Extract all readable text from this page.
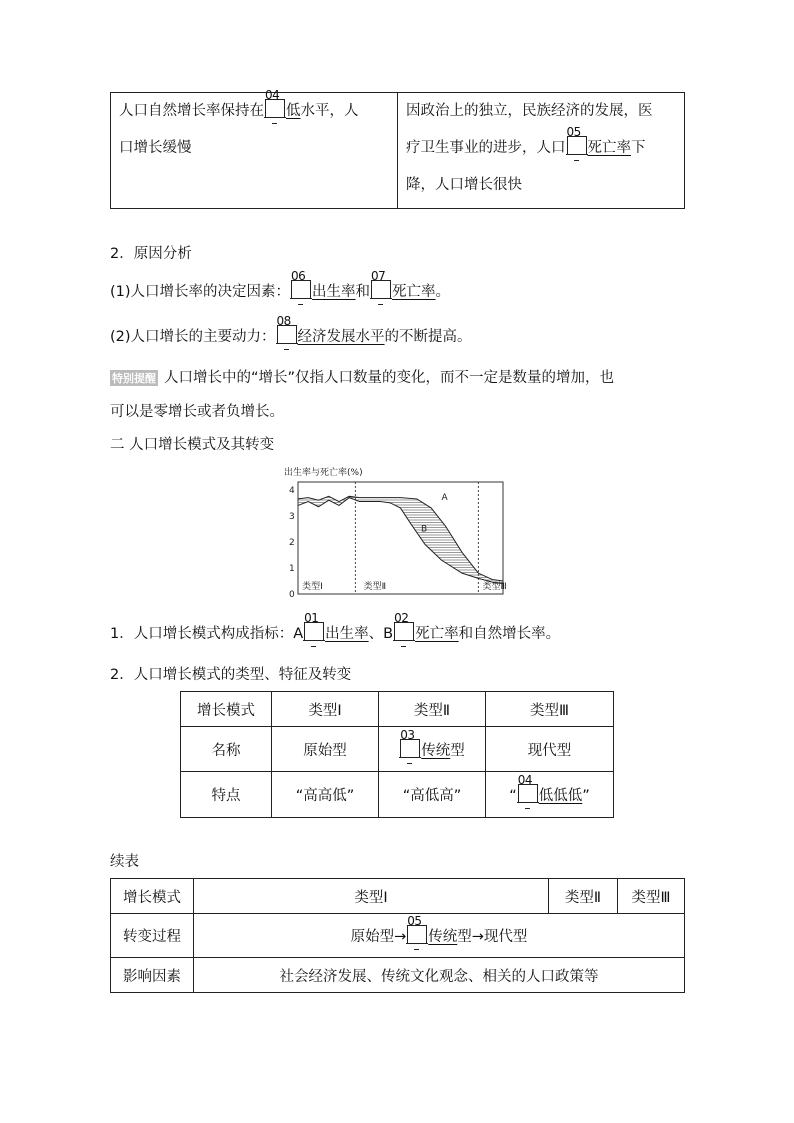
人口自然增长率保持在
04
低水平，人
口增长缓慢	因政治上的独立，民族经济的发展，医
疗卫生事业的进步，人口
05
死亡率下
降，人口增长很快
2．原因分析
(1)人口增长率的决定因素：
06
出生率和
07
死亡率。
(2)人口增长的主要动力：
08
经济发展水平的不断提高。
特别提醒 人口增长中的“增长”仅指人口数量的变化，而不一定是数量的增加，也
可以是零增长或者负增长。
二 人口增长模式及其转变
出生率与死亡率(%)
0
1
2
3
4
类型Ⅰ	类型Ⅱ	类型Ⅲ
A
B
1．人口增长模式构成指标：A
01
出生率、B
02
死亡率和自然增长率。
2．人口增长模式的类型、特征及转变
增长模式	类型Ⅰ	类型Ⅱ	类型Ⅲ
名称	原始型	03
传统型	现代型
特点	“高高低”	“高低高”	“
04
低低低”
续表
增长模式	类型Ⅰ	类型Ⅱ	类型Ⅲ
转变过程	原始型→
05
传统型→现代型		
影响因素	社会经济发展、传统文化观念、相关的人口政策等		
